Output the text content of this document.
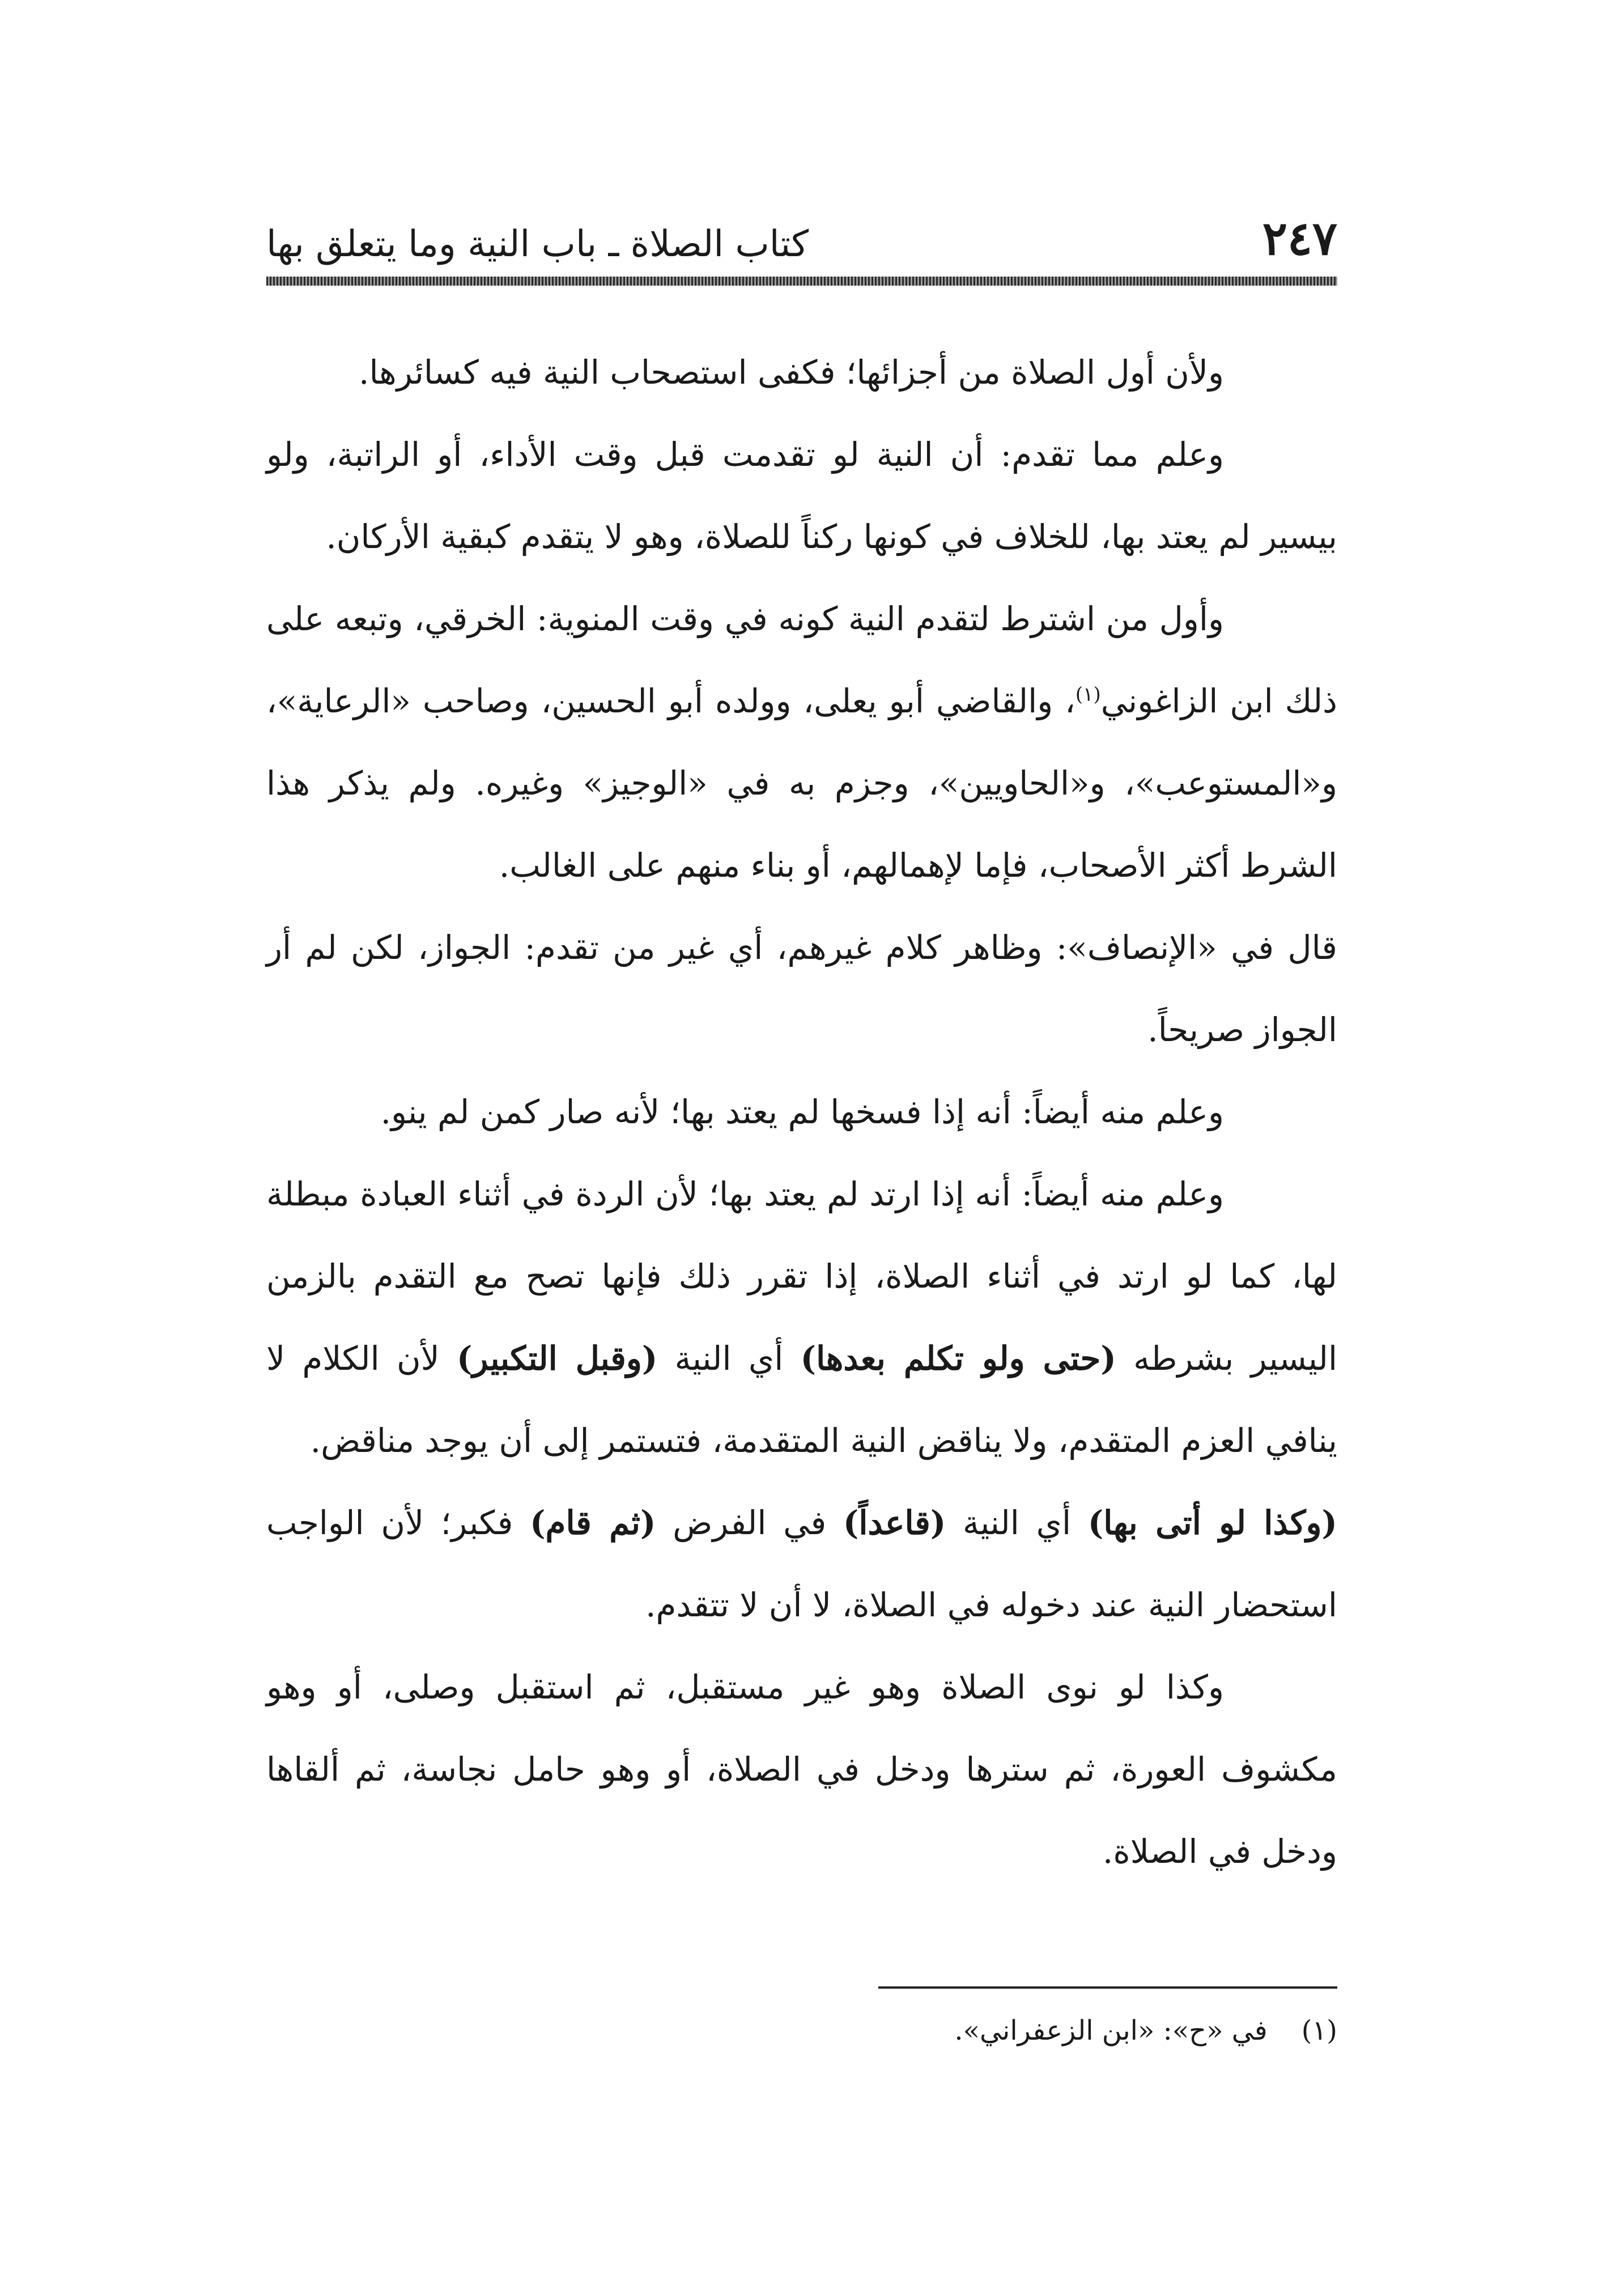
٢٤٧
كتاب الصلاة ـ باب النية وما يتعلق بها

ولأن أول الصلاة من أجزائها؛ فكفى استصحاب النية فيه كسائرها.

وعلم مما تقدم: أن النية لو تقدمت قبل وقت الأداء، أو الراتبة، ولو بيسير لم يعتد بها، للخلاف في كونها ركناً للصلاة، وهو لا يتقدم كبقية الأركان.

وأول من اشترط لتقدم النية كونه في وقت المنوية: الخرقي، وتبعه على ذلك ابن الزاغوني$^{(١)}$، والقاضي أبو يعلى، وولده أبو الحسين، وصاحب «الرعاية»، و«المستوعب»، و«الحاويين»، وجزم به في «الوجيز» وغيره. ولم يذكر هذا الشرط أكثر الأصحاب، فإما لإهمالهم، أو بناء منهم على الغالب.

قال في «الإنصاف»: وظاهر كلام غيرهم، أي غير من تقدم: الجواز، لكن لم أر الجواز صريحاً.

وعلم منه أيضاً: أنه إذا فسخها لم يعتد بها؛ لأنه صار كمن لم ينو.

وعلم منه أيضاً: أنه إذا ارتد لم يعتد بها؛ لأن الردة في أثناء العبادة مبطلة لها، كما لو ارتد في أثناء الصلاة، إذا تقرر ذلك فإنها تصح مع التقدم بالزمن اليسير بشرطه (حتى ولو تكلم بعدها) أي النية (وقبل التكبير) لأن الكلام لا ينافي العزم المتقدم، ولا يناقض النية المتقدمة، فتستمر إلى أن يوجد مناقض.

(وكذا لو أتى بها) أي النية (قاعداً) في الفرض (ثم قام) فكبر؛ لأن الواجب استحضار النية عند دخوله في الصلاة، لا أن لا تتقدم.

وكذا لو نوى الصلاة وهو غير مستقبل، ثم استقبل وصلى، أو وهو مكشوف العورة، ثم سترها ودخل في الصلاة، أو وهو حامل نجاسة، ثم ألقاها ودخل في الصلاة.

(١)في «ح»: «ابن الزعفراني».
